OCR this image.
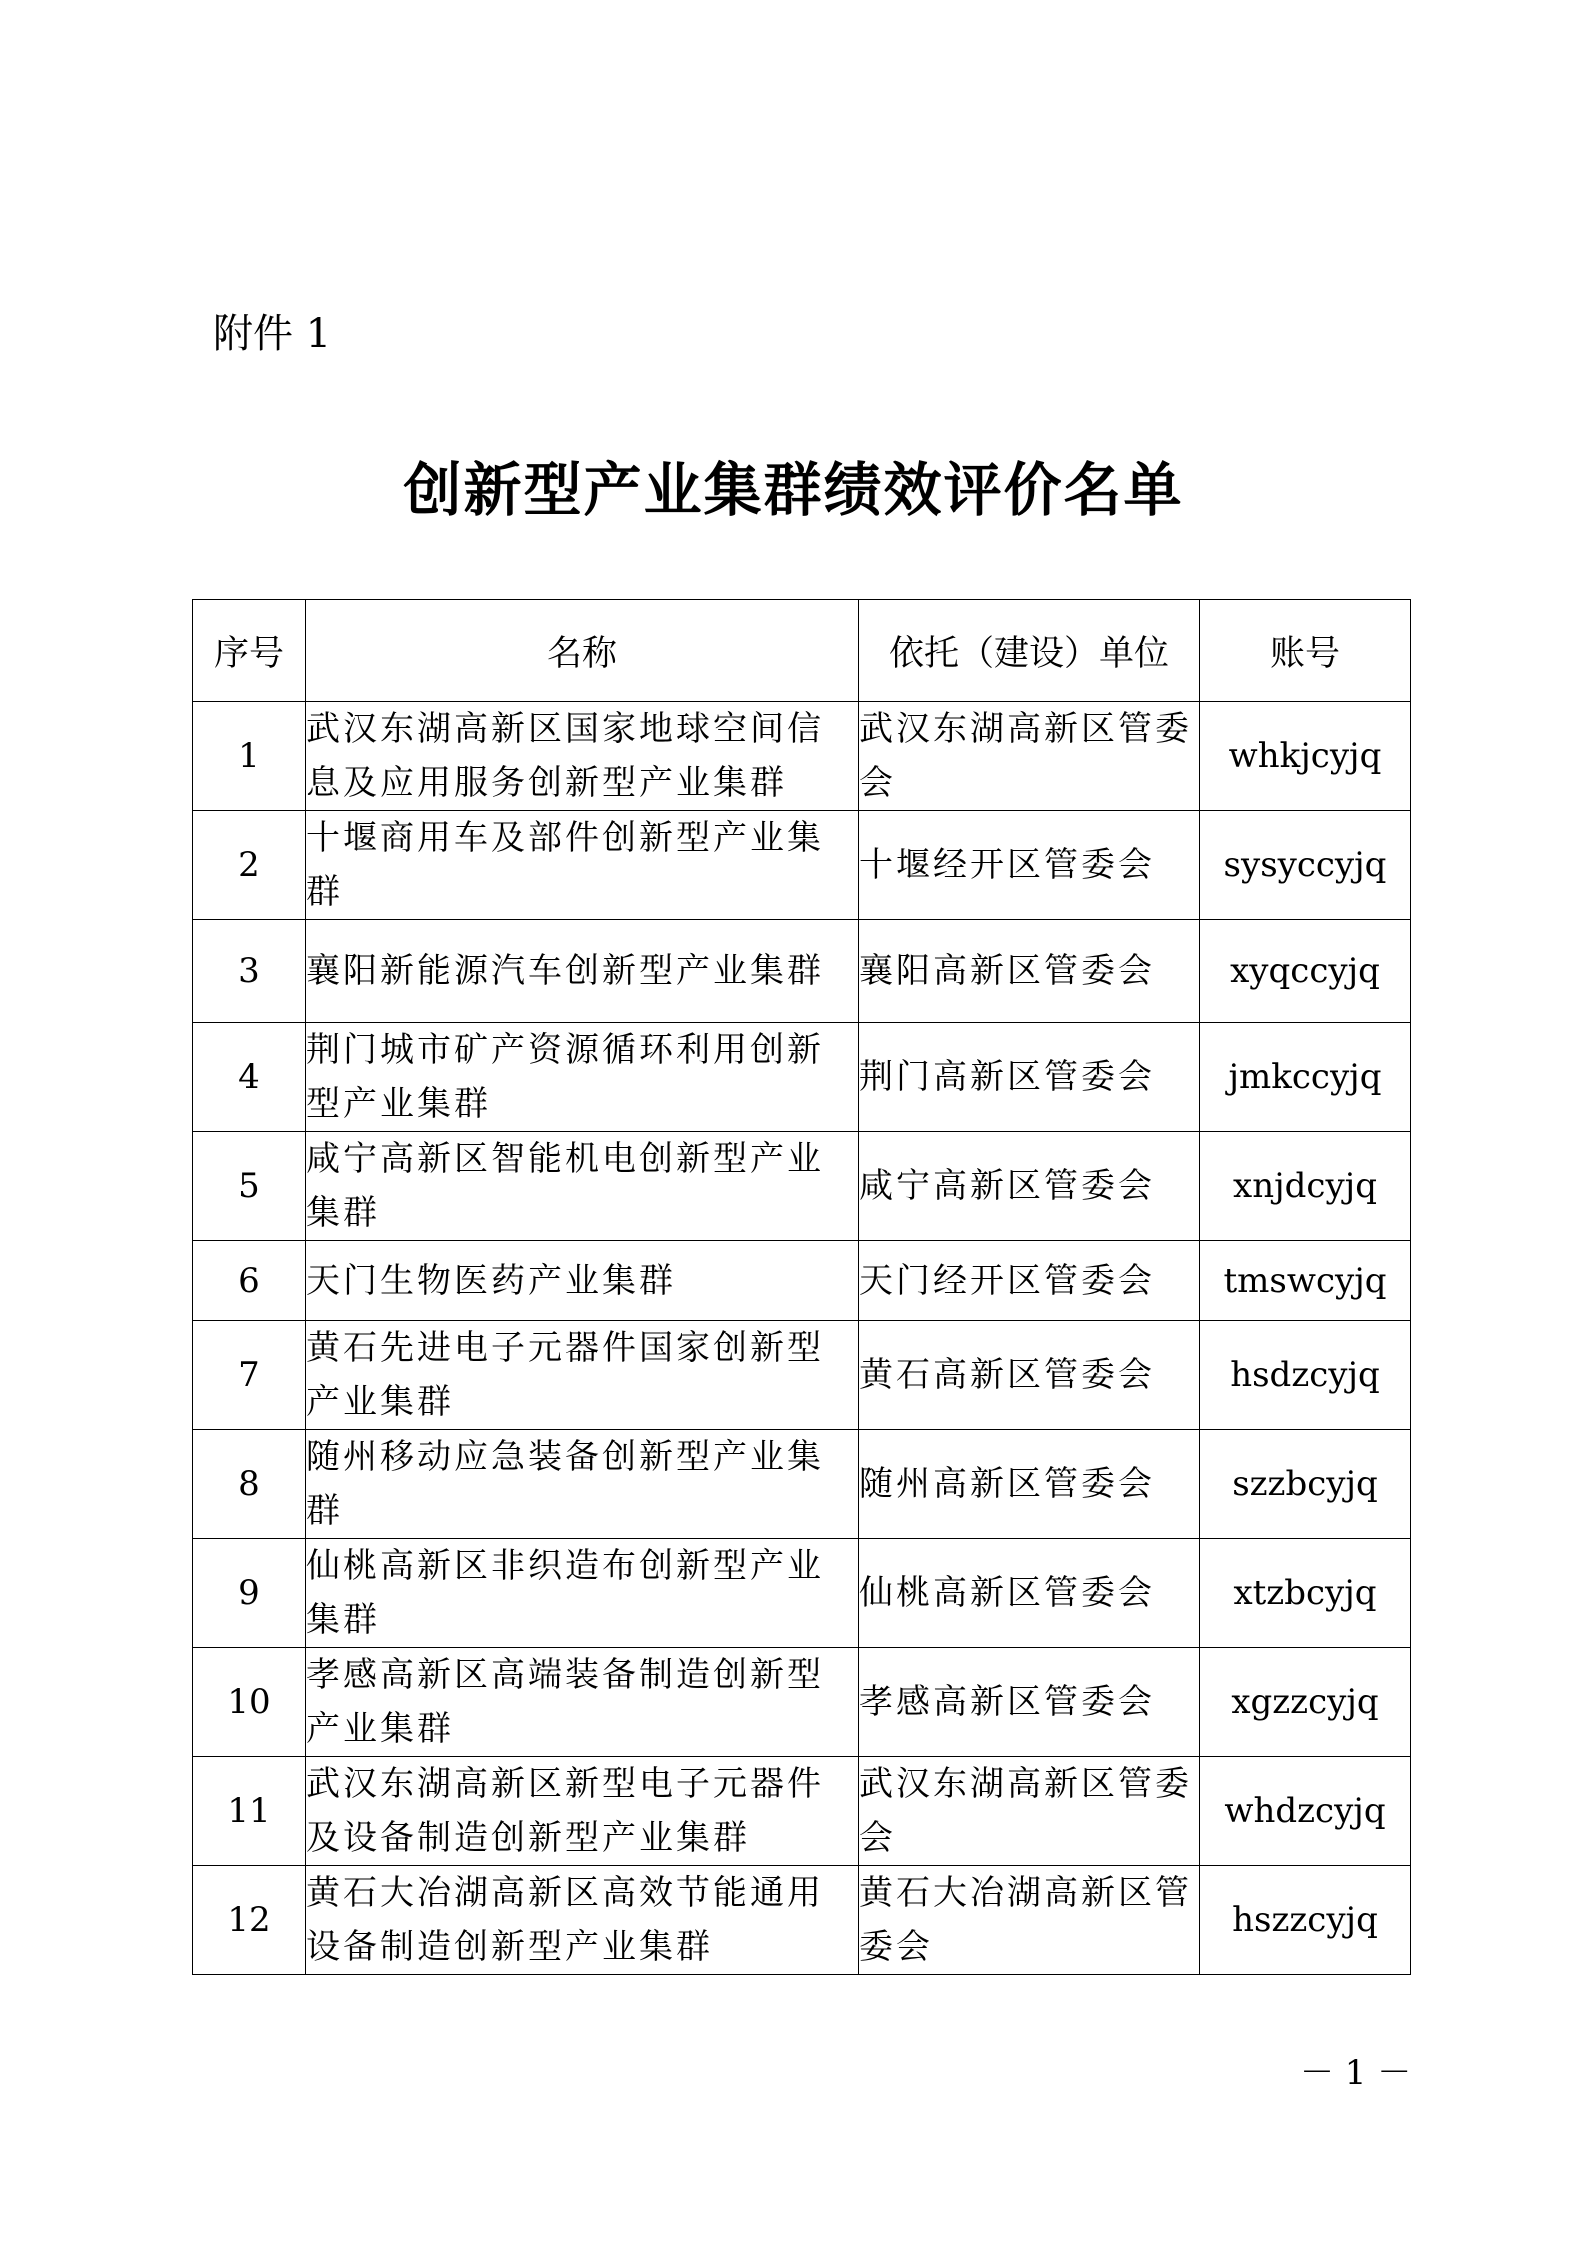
附件 1
创新型产业集群绩效评价名单
序号	名称	依托（建设）单位	账号
1	武汉东湖高新区国家地球空间信息及应用服务创新型产业集群	武汉东湖高新区管委会	whkjcyjq
2	十堰商用车及部件创新型产业集群	十堰经开区管委会	sysyccyjq
3	襄阳新能源汽车创新型产业集群	襄阳高新区管委会	xyqccyjq
4	荆门城市矿产资源循环利用创新型产业集群	荆门高新区管委会	jmkccyjq
5	咸宁高新区智能机电创新型产业集群	咸宁高新区管委会	xnjdcyjq
6	天门生物医药产业集群	天门经开区管委会	tmswcyjq
7	黄石先进电子元器件国家创新型产业集群	黄石高新区管委会	hsdzcyjq
8	随州移动应急装备创新型产业集群	随州高新区管委会	szzbcyjq
9	仙桃高新区非织造布创新型产业集群	仙桃高新区管委会	xtzbcyjq
10	孝感高新区高端装备制造创新型产业集群	孝感高新区管委会	xgzzcyjq
11	武汉东湖高新区新型电子元器件及设备制造创新型产业集群	武汉东湖高新区管委会	whdzcyjq
12	黄石大冶湖高新区高效节能通用设备制造创新型产业集群	黄石大冶湖高新区管委会	hszzcyjq
－ 1 －
